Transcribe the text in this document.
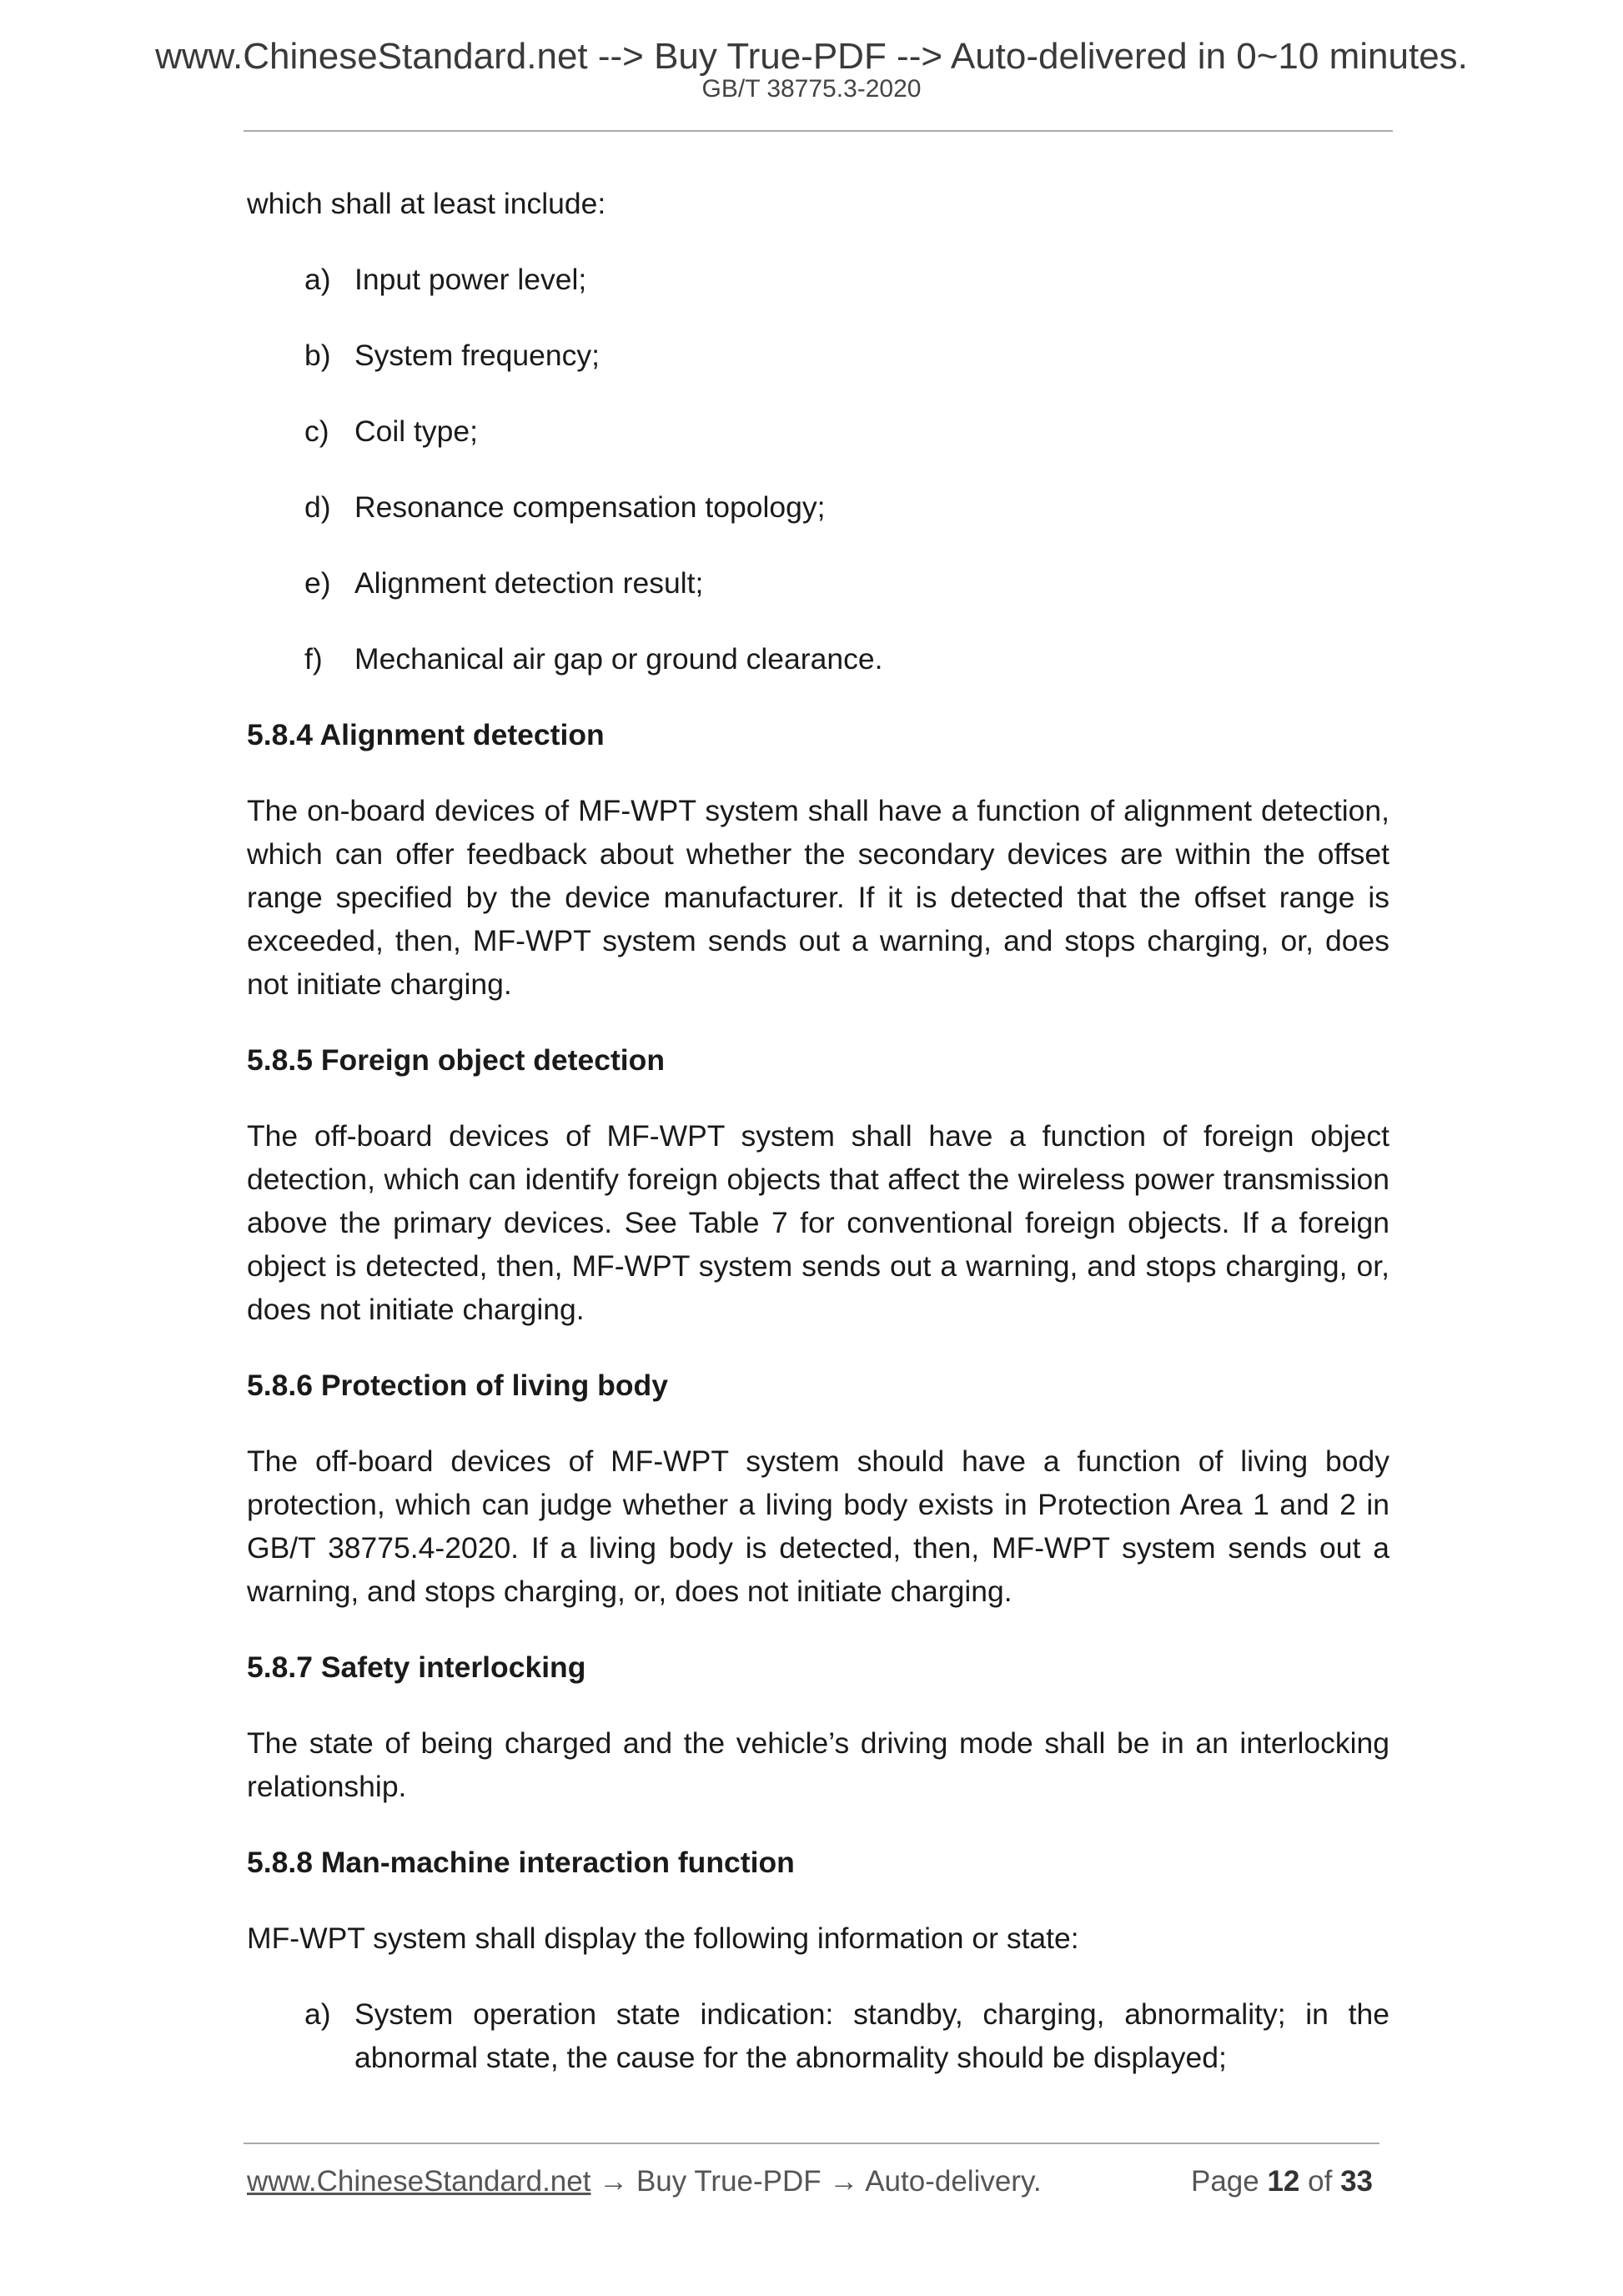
www.ChineseStandard.net --> Buy True-PDF --> Auto-delivered in 0~10 minutes.
GB/T 38775.3-2020
which shall at least include:
a) Input power level;
b) System frequency;
c) Coil type;
d) Resonance compensation topology;
e) Alignment detection result;
f)	Mechanical air gap or ground clearance.
5.8.4 Alignment detection
The on-board devices of MF-WPT system shall have a function of alignment detection, which can offer feedback about whether the secondary devices are within the offset range specified by the device manufacturer. If it is detected that the offset range is exceeded, then, MF-WPT system sends out a warning, and stops charging, or, does not initiate charging.
5.8.5 Foreign object detection
The off-board devices of MF-WPT system shall have a function of foreign object detection, which can identify foreign objects that affect the wireless power transmission above the primary devices. See Table 7 for conventional foreign objects. If a foreign object is detected, then, MF-WPT system sends out a warning, and stops charging, or, does not initiate charging.
5.8.6 Protection of living body
The off-board devices of MF-WPT system should have a function of living body protection, which can judge whether a living body exists in Protection Area 1 and 2 in GB/T 38775.4-2020. If a living body is detected, then, MF-WPT system sends out a warning, and stops charging, or, does not initiate charging.
5.8.7 Safety interlocking
The state of being charged and the vehicle’s driving mode shall be in an interlocking relationship.
5.8.8 Man-machine interaction function
MF-WPT system shall display the following information or state:
a) System operation state indication: standby, charging, abnormality; in the abnormal state, the cause for the abnormality should be displayed;
www.ChineseStandard.net → Buy True-PDF → Auto-delivery.	Page 12 of 33
